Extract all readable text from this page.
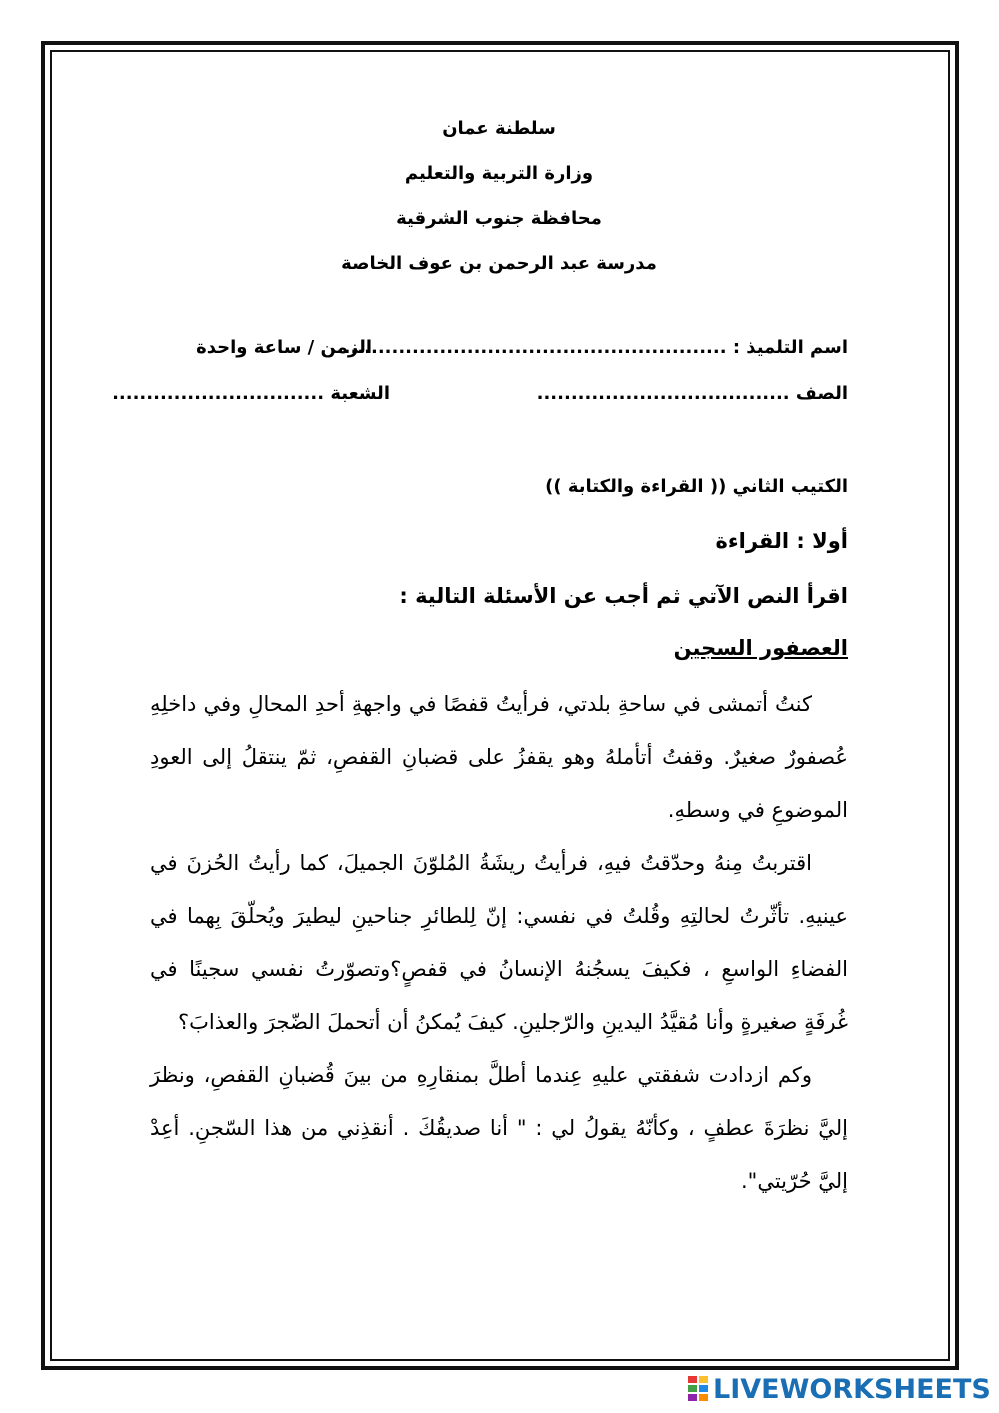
سلطنة عمان

وزارة التربية والتعليم

محافظة جنوب الشرقية

مدرسة عبد الرحمن بن عوف الخاصة

اسم التلميذ : ..........................................................
الزمن / ساعة واحدة
الصف .....................................
الشعبة ...............................

الكتيب الثاني (( القراءة والكتابة ))

أولا : القراءة

اقرأ النص الآتي ثم أجب عن الأسئلة التالية :

العصفور السجين

كنتُ أتمشى في ساحةِ بلدتي، فرأيتُ قفصًا في واجهةِ أحدِ المحالِ وفي داخلِهِ عُصفورٌ صغيرٌ. وقفتُ أتأملهُ وهو يقفزُ على قضبانِ القفصِ، ثمّ ينتقلُ إلى العودِ الموضوعِ في وسطهِ.

اقتربتُ مِنهُ وحدّقتُ فيهِ، فرأيتُ ريشَةُ المُلوّنَ الجميلَ، كما رأيتُ الحُزنَ في عينيهِ. تأثّرتُ لحالتِهِ وقُلتُ في نفسي: إنّ لِلطائرِ جناحينِ ليطيرَ ويُحلّقَ بِهما في الفضاءِ الواسعِ ، فكيفَ يسجُنهُ الإنسانُ في قفصٍ؟وتصوّرتُ نفسي سجينًا في غُرفَةٍ صغيرةٍ وأنا مُقيَّدُ اليدينِ والرّجلينِ. كيفَ يُمكنُ أن أتحملَ الضّجرَ والعذابَ؟

وكم ازدادت شفقتي عليهِ عِندما أطلَّ بمنقارِهِ من بينَ قُضبانِ القفصِ، ونظرَ إليَّ نظرَةَ عطفٍ ، وكأنّهُ يقولُ لي : " أنا صديقُكَ . أنقذِني من هذا السّجنِ. أعِدْ إليَّ حُرّيتي".

LIVEWORKSHEETS
